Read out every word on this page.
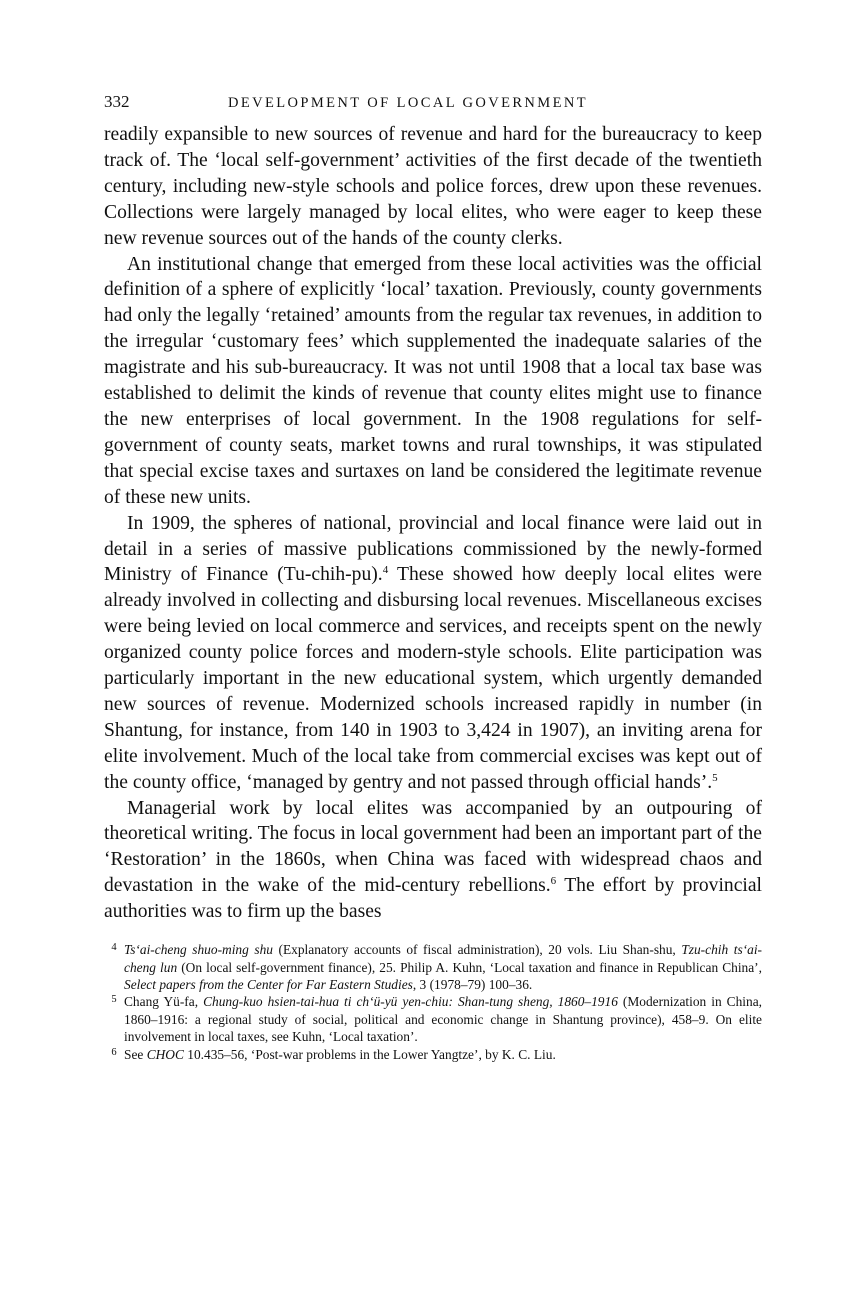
332	DEVELOPMENT OF LOCAL GOVERNMENT

readily expansible to new sources of revenue and hard for the bureaucracy to keep track of. The ‘local self-government’ activities of the first decade of the twentieth century, including new-style schools and police forces, drew upon these revenues. Collections were largely managed by local elites, who were eager to keep these new revenue sources out of the hands of the county clerks.

An institutional change that emerged from these local activities was the official definition of a sphere of explicitly ‘local’ taxation. Previously, county governments had only the legally ‘retained’ amounts from the regular tax revenues, in addition to the irregular ‘customary fees’ which supplemented the inadequate salaries of the magistrate and his sub-bureaucracy. It was not until 1908 that a local tax base was established to delimit the kinds of revenue that county elites might use to finance the new enterprises of local government. In the 1908 regulations for self-government of county seats, market towns and rural townships, it was stipulated that special excise taxes and surtaxes on land be considered the legitimate revenue of these new units.

In 1909, the spheres of national, provincial and local finance were laid out in detail in a series of massive publications commissioned by the newly-formed Ministry of Finance (Tu-chih-pu).$^4$ These showed how deeply local elites were already involved in collecting and disbursing local revenues. Miscellaneous excises were being levied on local commerce and services, and receipts spent on the newly organized county police forces and modern-style schools. Elite participation was particularly important in the new educational system, which urgently demanded new sources of revenue. Modernized schools increased rapidly in number (in Shantung, for instance, from 140 in 1903 to 3,424 in 1907), an inviting arena for elite involvement. Much of the local take from commercial excises was kept out of the county office, ‘managed by gentry and not passed through official hands’.$^5$

Managerial work by local elites was accompanied by an outpouring of theoretical writing. The focus in local government had been an important part of the ‘Restoration’ in the 1860s, when China was faced with widespread chaos and devastation in the wake of the mid-century rebellions.$^6$ The effort by provincial authorities was to firm up the bases

4 Ts‘ai-cheng shuo-ming shu (Explanatory accounts of fiscal administration), 20 vols. Liu Shan-shu, Tzu-chih ts‘ai-cheng lun (On local self-government finance), 25. Philip A. Kuhn, ‘Local taxation and finance in Republican China’, Select papers from the Center for Far Eastern Studies, 3 (1978–79) 100–36.

5 Chang Yü-fa, Chung-kuo hsien-tai-hua ti ch‘ü-yü yen-chiu: Shan-tung sheng, 1860–1916 (Modernization in China, 1860–1916: a regional study of social, political and economic change in Shantung province), 458–9. On elite involvement in local taxes, see Kuhn, ‘Local taxation’.

6 See CHOC 10.435–56, ‘Post-war problems in the Lower Yangtze’, by K. C. Liu.
